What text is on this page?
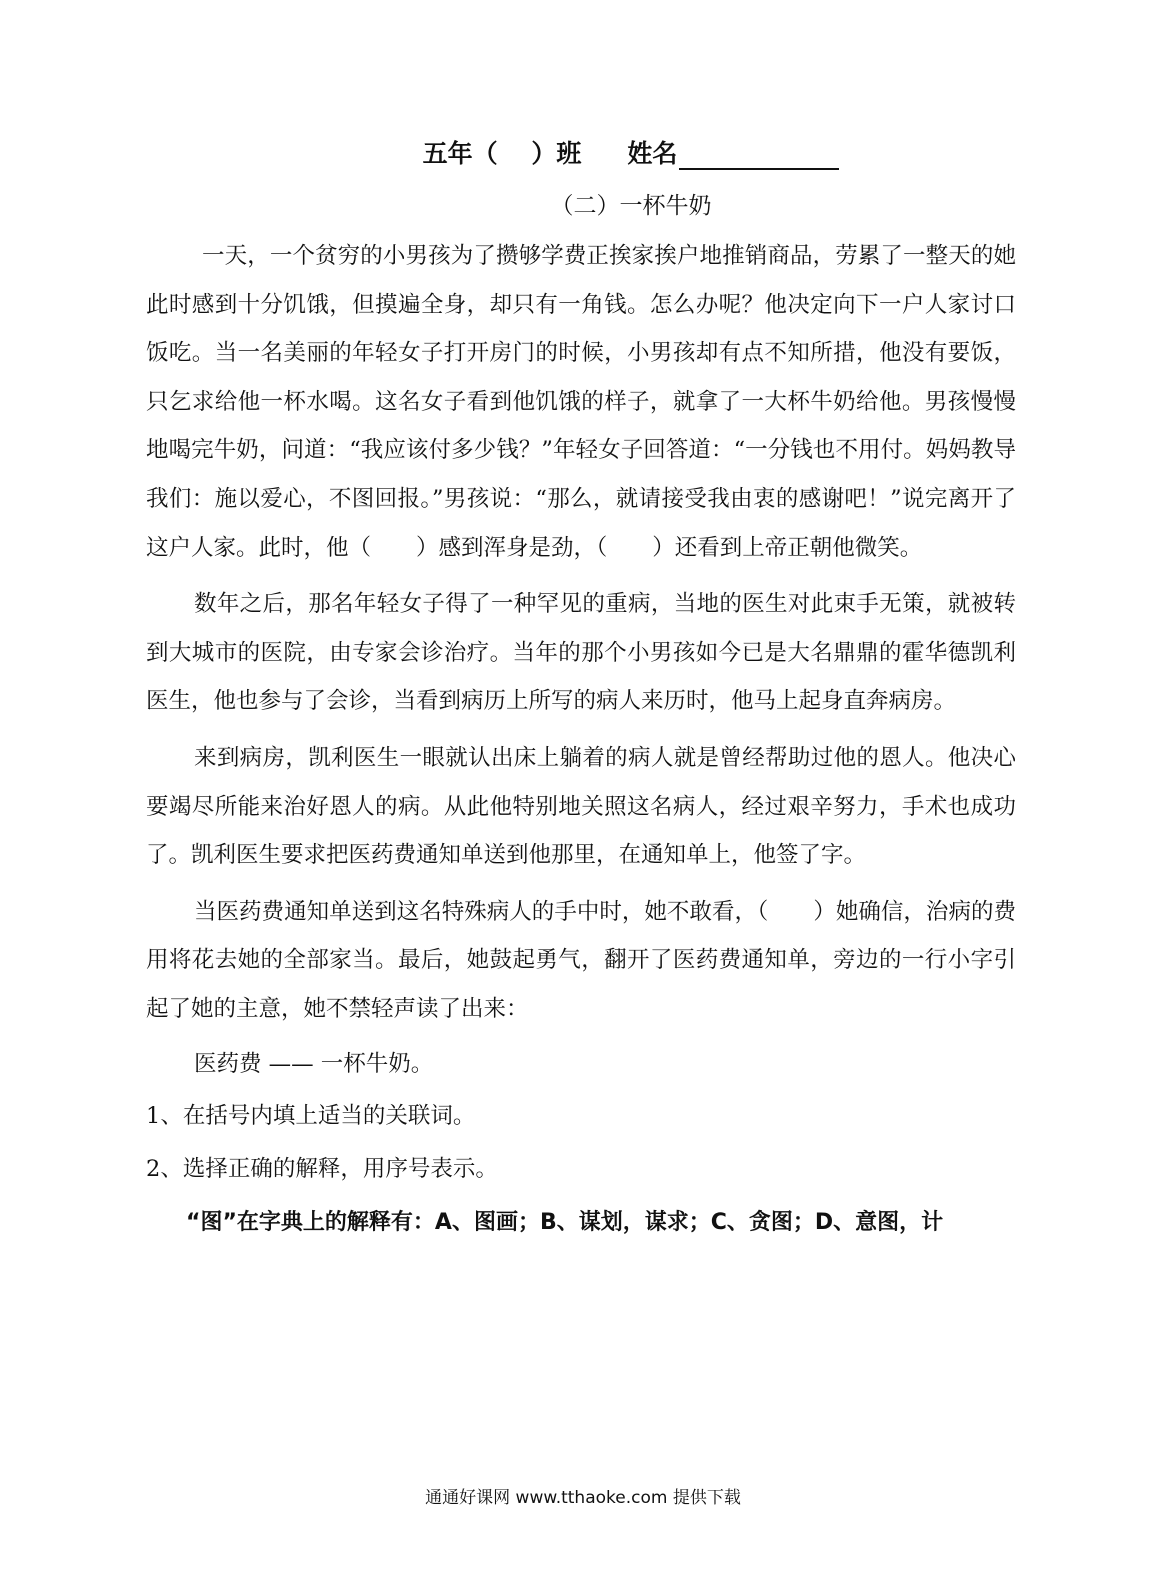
五年（　 ）班 姓名
（二）一杯牛奶

一天，一个贫穷的小男孩为了攒够学费正挨家挨户地推销商品，劳累了一整天的她此时感到十分饥饿，但摸遍全身，却只有一角钱。怎么办呢？他决定向下一户人家讨口饭吃。当一名美丽的年轻女子打开房门的时候，小男孩却有点不知所措，他没有要饭，只乞求给他一杯水喝。这名女子看到他饥饿的样子，就拿了一大杯牛奶给他。男孩慢慢地喝完牛奶，问道：“我应该付多少钱？”年轻女子回答道：“一分钱也不用付。妈妈教导我们：施以爱心，不图回报。”男孩说：“那么，就请接受我由衷的感谢吧！”说完离开了这户人家。此时，他（　　）感到浑身是劲，（　　）还看到上帝正朝他微笑。

数年之后，那名年轻女子得了一种罕见的重病，当地的医生对此束手无策，就被转到大城市的医院，由专家会诊治疗。当年的那个小男孩如今已是大名鼎鼎的霍华德凯利医生，他也参与了会诊，当看到病历上所写的病人来历时，他马上起身直奔病房。

来到病房，凯利医生一眼就认出床上躺着的病人就是曾经帮助过他的恩人。他决心要竭尽所能来治好恩人的病。从此他特别地关照这名病人，经过艰辛努力，手术也成功了。凯利医生要求把医药费通知单送到他那里，在通知单上，他签了字。

当医药费通知单送到这名特殊病人的手中时，她不敢看，（　　）她确信，治病的费用将花去她的全部家当。最后，她鼓起勇气，翻开了医药费通知单，旁边的一行小字引起了她的主意，她不禁轻声读了出来：

医药费 —— 一杯牛奶。

1、在括号内填上适当的关联词。

2、选择正确的解释，用序号表示。

“图”在字典上的解释有：A、图画；B、谋划，谋求；C、贪图；D、意图，计

通通好课网 www.tthaoke.com 提供下载
